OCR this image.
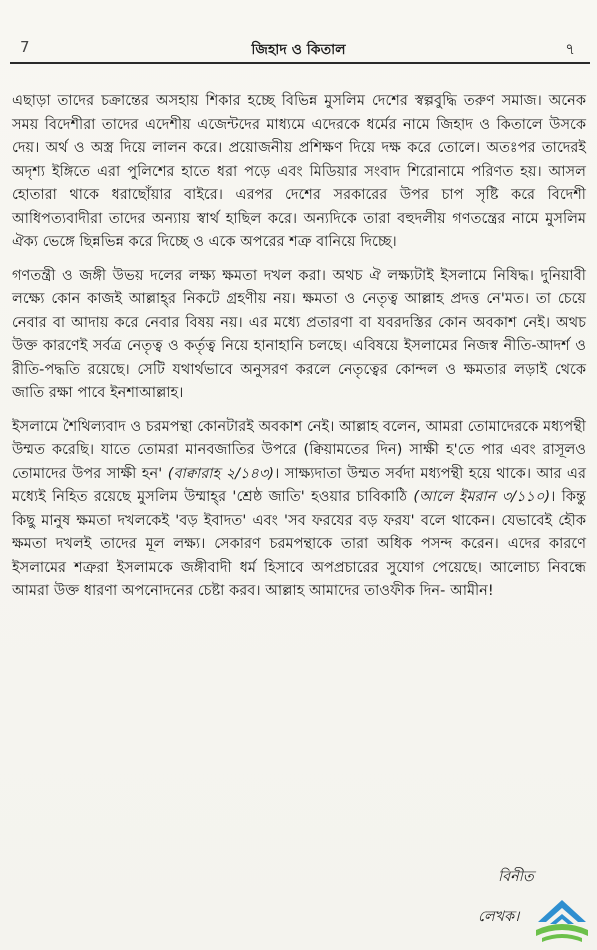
7	জিহাদ ও কিতাল	৭

এছাড়া তাদের চক্রান্তের অসহায় শিকার হচ্ছে বিভিন্ন মুসলিম দেশের স্বল্পবুদ্ধি তরুণ সমাজ। অনেক সময় বিদেশীরা তাদের এদেশীয় এজেন্টদের মাধ্যমে এদেরকে ধর্মের নামে জিহাদ ও কিতালে উসকে দেয়। অর্থ ও অস্ত্র দিয়ে লালন করে। প্রয়োজনীয় প্রশিক্ষণ দিয়ে দক্ষ করে তোলে। অতঃপর তাদেরই অদৃশ্য ইঙ্গিতে এরা পুলিশের হাতে ধরা পড়ে এবং মিডিয়ার সংবাদ শিরোনামে পরিণত হয়। আসল হোতারা থাকে ধরাছোঁয়ার বাইরে। এরপর দেশের সরকারের উপর চাপ সৃষ্টি করে বিদেশী আধিপত্যবাদীরা তাদের অন্যায় স্বার্থ হাছিল করে। অন্যদিকে তারা বহুদলীয় গণতন্ত্রের নামে মুসলিম ঐক্য ভেঙ্গে ছিন্নভিন্ন করে দিচ্ছে ও একে অপরের শত্রু বানিয়ে দিচ্ছে।

গণতন্ত্রী ও জঙ্গী উভয় দলের লক্ষ্য ক্ষমতা দখল করা। অথচ ঐ লক্ষ্যটাই ইসলামে নিষিদ্ধ। দুনিয়াবী লক্ষ্যে কোন কাজই আল্লাহ্‌র নিকটে গ্রহণীয় নয়। ক্ষমতা ও নেতৃত্ব আল্লাহ প্রদত্ত নে'মত। তা চেয়ে নেবার বা আদায় করে নেবার বিষয় নয়। এর মধ্যে প্রতারণা বা যবরদস্তির কোন অবকাশ নেই। অথচ উক্ত কারণেই সর্বত্র নেতৃত্ব ও কর্তৃত্ব নিয়ে হানাহানি চলছে। এবিষয়ে ইসলামের নিজস্ব নীতি-আদর্শ ও রীতি-পদ্ধতি রয়েছে। সেটি যথার্থভাবে অনুসরণ করলে নেতৃত্বের কোন্দল ও ক্ষমতার লড়াই থেকে জাতি রক্ষা পাবে ইনশাআল্লাহ।

ইসলামে শৈথিল্যবাদ ও চরমপন্থা কোনটারই অবকাশ নেই। আল্লাহ বলেন, আমরা তোমাদেরকে মধ্যপন্থী উম্মত করেছি। যাতে তোমরা মানবজাতির উপরে (ক্বিয়ামতের দিন) সাক্ষী হ'তে পার এবং রাসূলও তোমাদের উপর সাক্ষী হন' (বাক্বারাহ ২/১৪৩)। সাক্ষ্যদাতা উম্মত সর্বদা মধ্যপন্থী হয়ে থাকে। আর এর মধ্যেই নিহিত রয়েছে মুসলিম উম্মাহ্‌র 'শ্রেষ্ঠ জাতি' হওয়ার চাবিকাঠি (আলে ইমরান ৩/১১০)। কিন্তু কিছু মানুষ ক্ষমতা দখলকেই 'বড় ইবাদত' এবং 'সব ফরযের বড় ফরয' বলে থাকেন। যেভাবেই হৌক ক্ষমতা দখলই তাদের মূল লক্ষ্য। সেকারণ চরমপন্থাকে তারা অধিক পসন্দ করেন। এদের কারণে ইসলামের শত্রুরা ইসলামকে জঙ্গীবাদী ধর্ম হিসাবে অপপ্রচারের সুযোগ পেয়েছে। আলোচ্য নিবন্ধে আমরা উক্ত ধারণা অপনোদনের চেষ্টা করব। আল্লাহ আমাদের তাওফীক দিন- আমীন!

বিনীত
লেখক।
